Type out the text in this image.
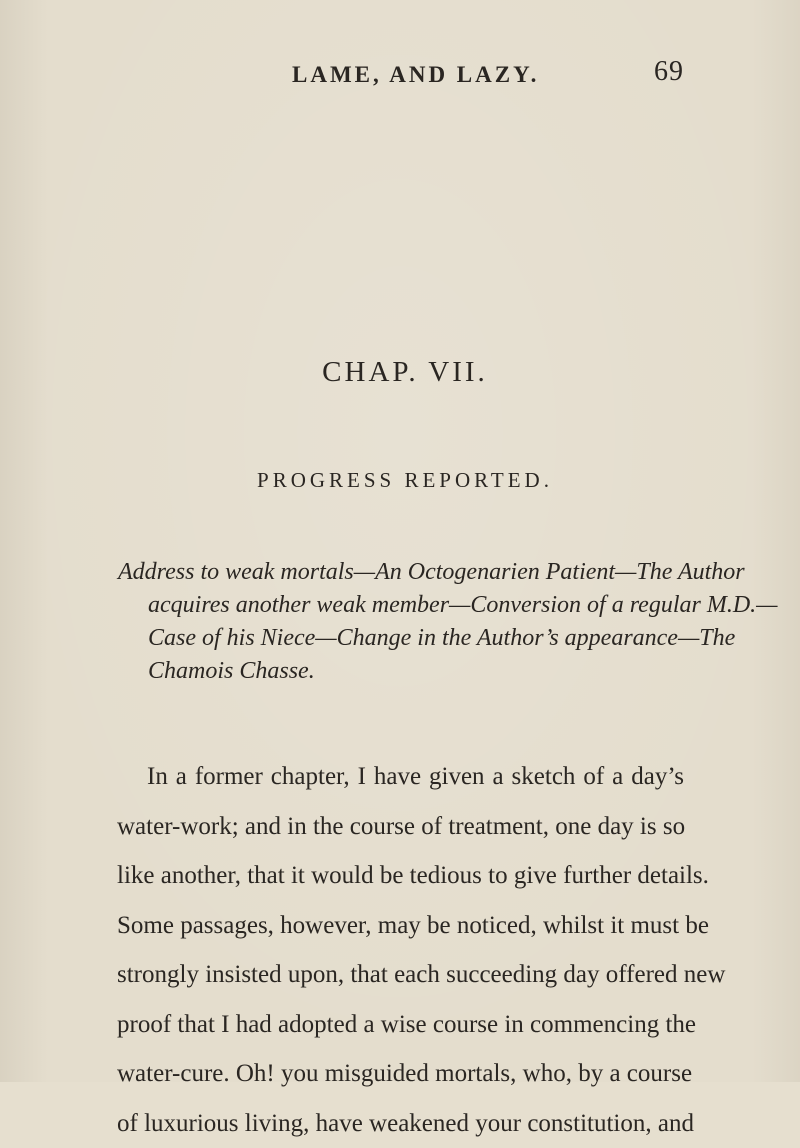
LAME, AND LAZY.	69
CHAP. VII.
PROGRESS REPORTED.

Address to weak mortals—An Octogenarien Patient—The Author
acquires another weak member—Conversion of a regular M.D.—
Case of his Niece—Change in the Author’s appearance—The
Chamois Chasse.

In a former chapter, I have given a sketch of a day’s
water-work; and in the course of treatment, one day is so
like another, that it would be tedious to give further details.
Some passages, however, may be noticed, whilst it must be
strongly insisted upon, that each succeeding day offered new
proof that I had adopted a wise course in commencing the
water-cure. Oh! you misguided mortals, who, by a course
of luxurious living, have weakened your constitution, and
